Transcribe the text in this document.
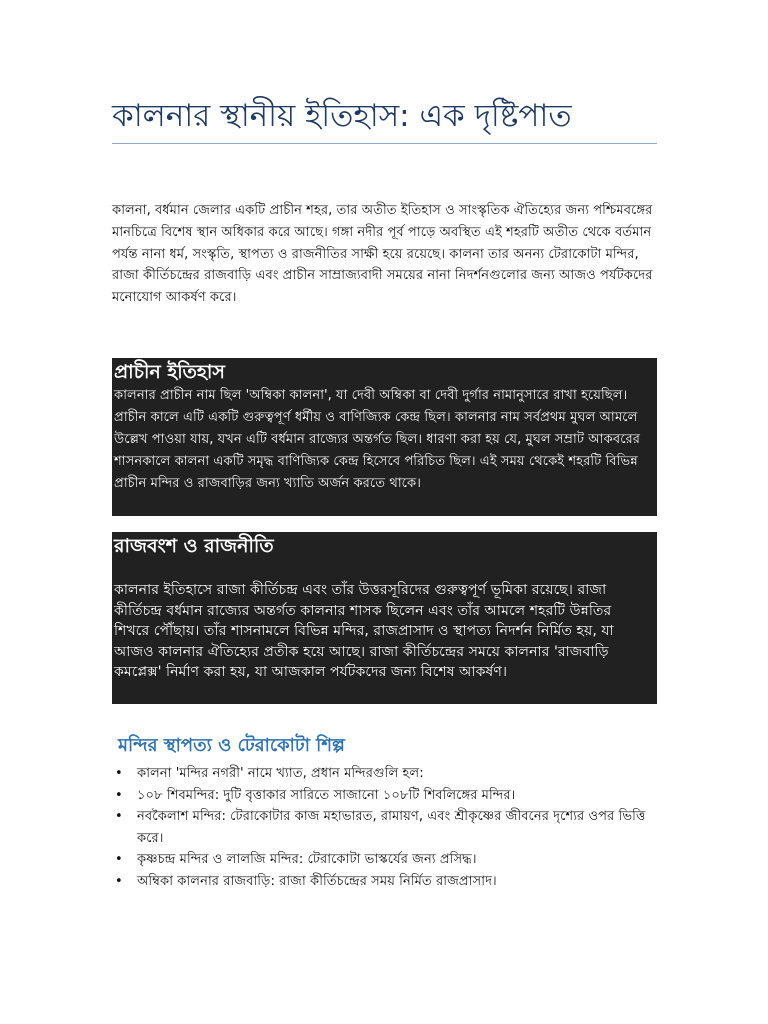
কালনার স্থানীয় ইতিহাস: এক দৃষ্টিপাত

কালনা, বর্ধমান জেলার একটি প্রাচীন শহর, তার অতীত ইতিহাস ও সাংস্কৃতিক ঐতিহ্যের জন্য পশ্চিমবঙ্গের মানচিত্রে বিশেষ স্থান অধিকার করে আছে। গঙ্গা নদীর পূর্ব পাড়ে অবস্থিত এই শহরটি অতীত থেকে বর্তমান পর্যন্ত নানা ধর্ম, সংস্কৃতি, স্থাপত্য ও রাজনীতির সাক্ষী হয়ে রয়েছে। কালনা তার অনন্য টেরাকোটা মন্দির, রাজা কীর্তিচন্দ্রের রাজবাড়ি এবং প্রাচীন সাম্রাজ্যবাদী সময়ের নানা নিদর্শনগুলোর জন্য আজও পর্যটকদের মনোযোগ আকর্ষণ করে।

প্রাচীন ইতিহাস

কালনার প্রাচীন নাম ছিল 'অম্বিকা কালনা', যা দেবী অম্বিকা বা দেবী দুর্গার নামানুসারে রাখা হয়েছিল। প্রাচীন কালে এটি একটি গুরুত্বপূর্ণ ধর্মীয় ও বাণিজ্যিক কেন্দ্র ছিল। কালনার নাম সর্বপ্রথম মুঘল আমলে উল্লেখ পাওয়া যায়, যখন এটি বর্ধমান রাজ্যের অন্তর্গত ছিল। ধারণা করা হয় যে, মুঘল সম্রাট আকবরের শাসনকালে কালনা একটি সমৃদ্ধ বাণিজ্যিক কেন্দ্র হিসেবে পরিচিত ছিল। এই সময় থেকেই শহরটি বিভিন্ন প্রাচীন মন্দির ও রাজবাড়ির জন্য খ্যাতি অর্জন করতে থাকে।

রাজবংশ ও রাজনীতি

কালনার ইতিহাসে রাজা কীর্তিচন্দ্র এবং তাঁর উত্তরসূরিদের গুরুত্বপূর্ণ ভূমিকা রয়েছে। রাজা কীর্তিচন্দ্র বর্ধমান রাজ্যের অন্তর্গত কালনার শাসক ছিলেন এবং তাঁর আমলে শহরটি উন্নতির শিখরে পৌঁছায়। তাঁর শাসনামলে বিভিন্ন মন্দির, রাজপ্রাসাদ ও স্থাপত্য নিদর্শন নির্মিত হয়, যা আজও কালনার ঐতিহ্যের প্রতীক হয়ে আছে। রাজা কীর্তিচন্দ্রের সময়ে কালনার 'রাজবাড়ি কমপ্লেক্স' নির্মাণ করা হয়, যা আজকাল পর্যটকদের জন্য বিশেষ আকর্ষণ।

মন্দির স্থাপত্য ও টেরাকোটা শিল্প
• কালনা 'মন্দির নগরী' নামে খ্যাত, প্রধান মন্দিরগুলি হল:
• ১০৮ শিবমন্দির: দুটি বৃত্তাকার সারিতে সাজানো ১০৮টি শিবলিঙ্গের মন্দির।
• নবকৈলাশ মন্দির: টেরাকোটার কাজ মহাভারত, রামায়ণ, এবং শ্রীকৃষ্ণের জীবনের দৃশ্যের ওপর ভিত্তি করে।
• কৃষ্ণচন্দ্র মন্দির ও লালজি মন্দির: টেরাকোটা ভাস্কর্যের জন্য প্রসিদ্ধ।
• অম্বিকা কালনার রাজবাড়ি: রাজা কীর্তিচন্দ্রের সময় নির্মিত রাজপ্রাসাদ।
